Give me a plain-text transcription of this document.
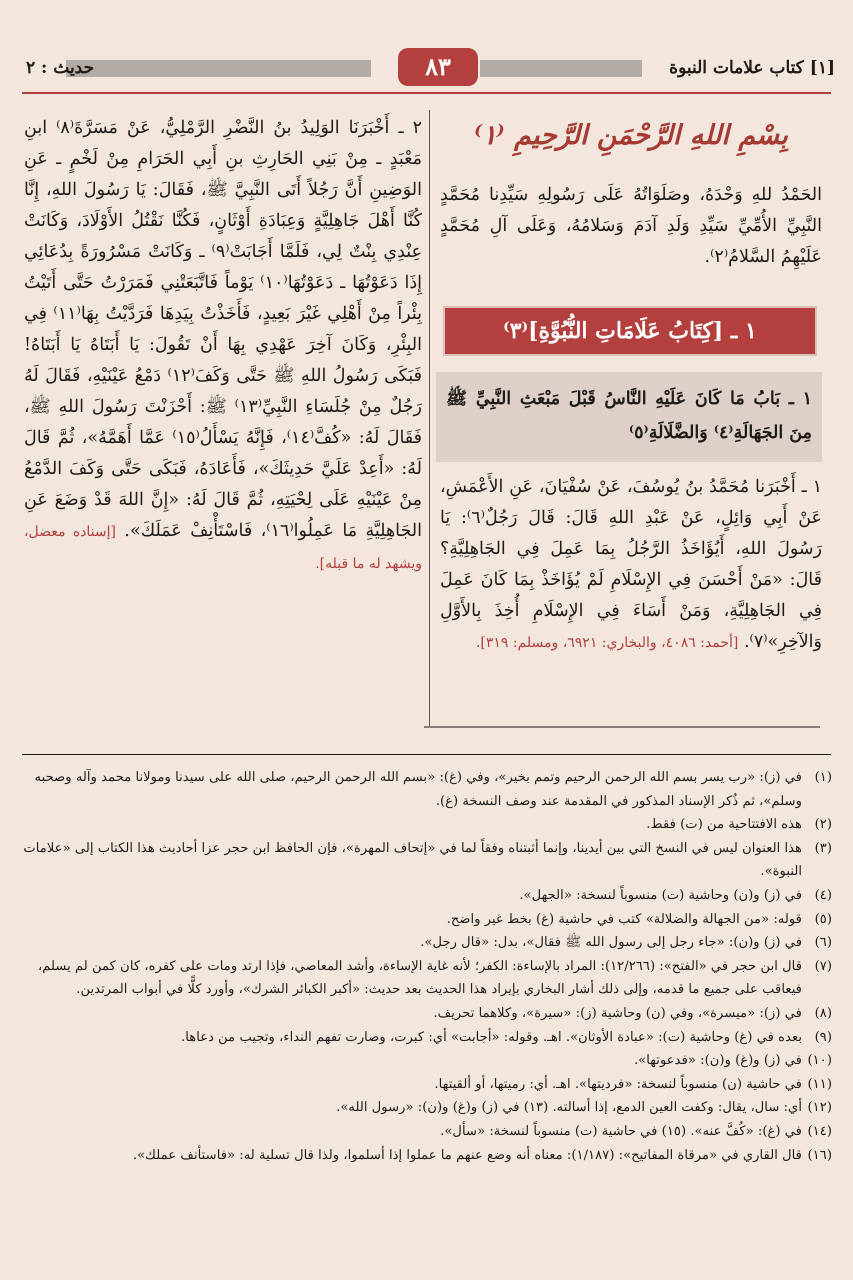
[١] كتاب علامات النبوة
٨٣
حديث : ٢
بِسْمِ اللهِ الرَّحْمَنِ الرَّحِيمِ ⁽١⁾
الحَمْدُ للهِ وَحْدَهُ، وصَلَوَاتُهُ عَلَى رَسُولِهِ سَيِّدِنا مُحَمَّدٍ النَّبِيِّ الأُمِّيِّ سَيِّدِ وَلَدِ آدَمَ وَسَلامُهُ، وَعَلَى آلِ مُحَمَّدٍ عَلَيْهِمُ السَّلامُ⁽٢⁾.
١ ـ [كِتَابُ عَلَامَاتِ النُّبُوَّةِ]⁽٣⁾
١ ـ بَابُ مَا كَانَ عَلَيْهِ النَّاسُ قَبْلَ مَبْعَثِ النَّبِيِّ ﷺ مِنَ الجَهَالَةِ⁽٤⁾ وَالضَّلَالَةِ⁽٥⁾
١ ـ أَخْبَرَنا مُحَمَّدُ بنُ يُوسُفَ، عَنْ سُفْيَانَ، عَنِ الأَعْمَشِ، عَنْ أَبِي وَائِلٍ، عَنْ عَبْدِ اللهِ قَالَ: قَالَ رَجُلٌ⁽٦⁾: يَا رَسُولَ اللهِ، أَيُؤَاخَذُ الرَّجُلُ بِمَا عَمِلَ فِي الجَاهِلِيَّةِ؟ قَالَ: «مَنْ أَحْسَنَ فِي الإِسْلَامِ لَمْ يُؤَاخَذْ بِمَا كَانَ عَمِلَ فِي الجَاهِلِيَّةِ، وَمَنْ أَسَاءَ فِي الإِسْلَامِ أُخِذَ بِالأَوَّلِ وَالآخِرِ»⁽٧⁾. [أحمد: ٤٠٨٦، والبخاري: ٦٩٢١، ومسلم: ٣١٩].
٢ ـ أَخْبَرَنَا الوَلِيدُ بنُ النَّضْرِ الرَّمْلِيُّ، عَنْ مَسَرَّةَ⁽٨⁾ ابنِ مَعْبَدٍ ـ مِنْ بَنِي الحَارِثِ بنِ أَبِي الحَرَامِ مِنْ لَخْمٍ ـ عَنِ الوَضِينِ أَنَّ رَجُلاً أَتَى النَّبِيَّ ﷺ، فَقَالَ: يَا رَسُولَ اللهِ، إِنَّا كُنَّا أَهْلَ جَاهِلِيَّةٍ وَعِبَادَةِ أَوْثَانٍ، فَكُنَّا نَقْتُلُ الأَوْلَادَ، وَكَانَتْ عِنْدِي بِنْتٌ لِي، فَلَمَّا أَجَابَتْ⁽٩⁾ ـ وَكَانَتْ مَسْرُورَةً بِدُعَائِي إِذَا دَعَوْتُهَا ـ دَعَوْتُهَا⁽١٠⁾ يَوْماً فَاتَّبَعَتْنِي فَمَرَرْتُ حَتَّى أَتَيْتُ بِئْراً مِنْ أَهْلِي غَيْرَ بَعِيدٍ، فَأَخَذْتُ بِيَدِهَا فَرَدَّيْتُ بِهَا⁽١١⁾ فِي البِئْرِ، وَكَانَ آخِرَ عَهْدِي بِهَا أَنْ تَقُولَ: يَا أَبَتَاهُ يَا أَبَتَاهُ! فَبَكَى رَسُولُ اللهِ ﷺ حَتَّى وَكَفَ⁽١٢⁾ دَمْعُ عَيْنَيْهِ، فَقَالَ لَهُ رَجُلٌ مِنْ جُلَسَاءِ النَّبِيِّ⁽١٣⁾ ﷺ: أَحْزَنْتَ رَسُولَ اللهِ ﷺ، فَقَالَ لَهُ: «كُفَّ⁽١٤⁾، فَإِنَّهُ يَسْأَلُ⁽١٥⁾ عَمَّا أَهَمَّهُ»، ثُمَّ قَالَ لَهُ: «أَعِدْ عَلَيَّ حَدِيثَكَ»، فَأَعَادَهُ، فَبَكَى حَتَّى وَكَفَ الدَّمْعُ مِنْ عَيْنَيْهِ عَلَى لِحْيَتِهِ، ثُمَّ قَالَ لَهُ: «إِنَّ اللهَ قَدْ وَضَعَ عَنِ الجَاهِلِيَّةِ مَا عَمِلُوا⁽١٦⁾، فَاسْتَأْنِفْ عَمَلَكَ». [إسناده معضل، ويشهد له ما قبله].
(١)
في (ز): «رب يسر بسم الله الرحمن الرحيم وتمم بخير»، وفي (غ): «بسم الله الرحمن الرحيم، صلى الله على سيدنا ومولانا محمد وآله وصحبه وسلم»، ثم ذُكر الإسناد المذكور في المقدمة عند وصف النسخة (غ).
(٢)
هذه الافتتاحية من (ت) فقط.
(٣)
هذا العنوان ليس في النسخ التي بين أيدينا، وإنما أثبتناه وفقاً لما في «إتحاف المهرة»، فإن الحافظ ابن حجر عزا أحاديث هذا الكتاب إلى «علامات النبوة».
(٤)
في (ز) و(ن) وحاشية (ت) منسوباً لنسخة: «الجهل».
(٥)
قوله: «من الجهالة والضلالة» كتب في حاشية (غ) بخط غير واضح.
(٦)
في (ز) و(ن): «جاء رجل إلى رسول الله ﷺ فقال»، بدل: «قال رجل».
(٧)
قال ابن حجر في «الفتح»: (١٢/٢٦٦): المراد بالإساءة: الكفر؛ لأنه غاية الإساءة، وأشد المعاصي، فإذا ارتد ومات على كفره، كان كمن لم يسلم، فيعاقب على جميع ما قدمه، وإلى ذلك أشار البخاري بإيراد هذا الحديث بعد حديث: «أكبر الكبائر الشرك»، وأورد كلًّا في أبواب المرتدين.
(٨)
في (ز): «ميسرة»، وفي (ن) وحاشية (ز): «سيرة»، وكلاهما تحريف.
(٩)
بعده في (غ) وحاشية (ت): «عبادة الأوثان». اهـ. وقوله: «أجابت» أي: كبرت، وصارت تفهم النداء، وتجيب من دعاها.
(١٠)
في (ز) و(غ) و(ن): «فدعوتها».
(١١)
في حاشية (ن) منسوباً لنسخة: «فرديتها». اهـ. أي: رميتها، أو ألقيتها.
(١٢)
أي: سال، يقال: وكفت العين الدمع، إذا أسالته. (١٣) في (ز) و(غ) و(ن): «رسول الله».
(١٤)
في (غ): «كُفَّ عنه». (١٥) في حاشية (ت) منسوباً لنسخة: «سأل».
(١٦)
قال القاري في «مرقاة المفاتيح»: (١/١٨٧): معناه أنه وضع عنهم ما عملوا إذا أسلموا، ولذا قال تسلية له: «فاستأنف عملك».
